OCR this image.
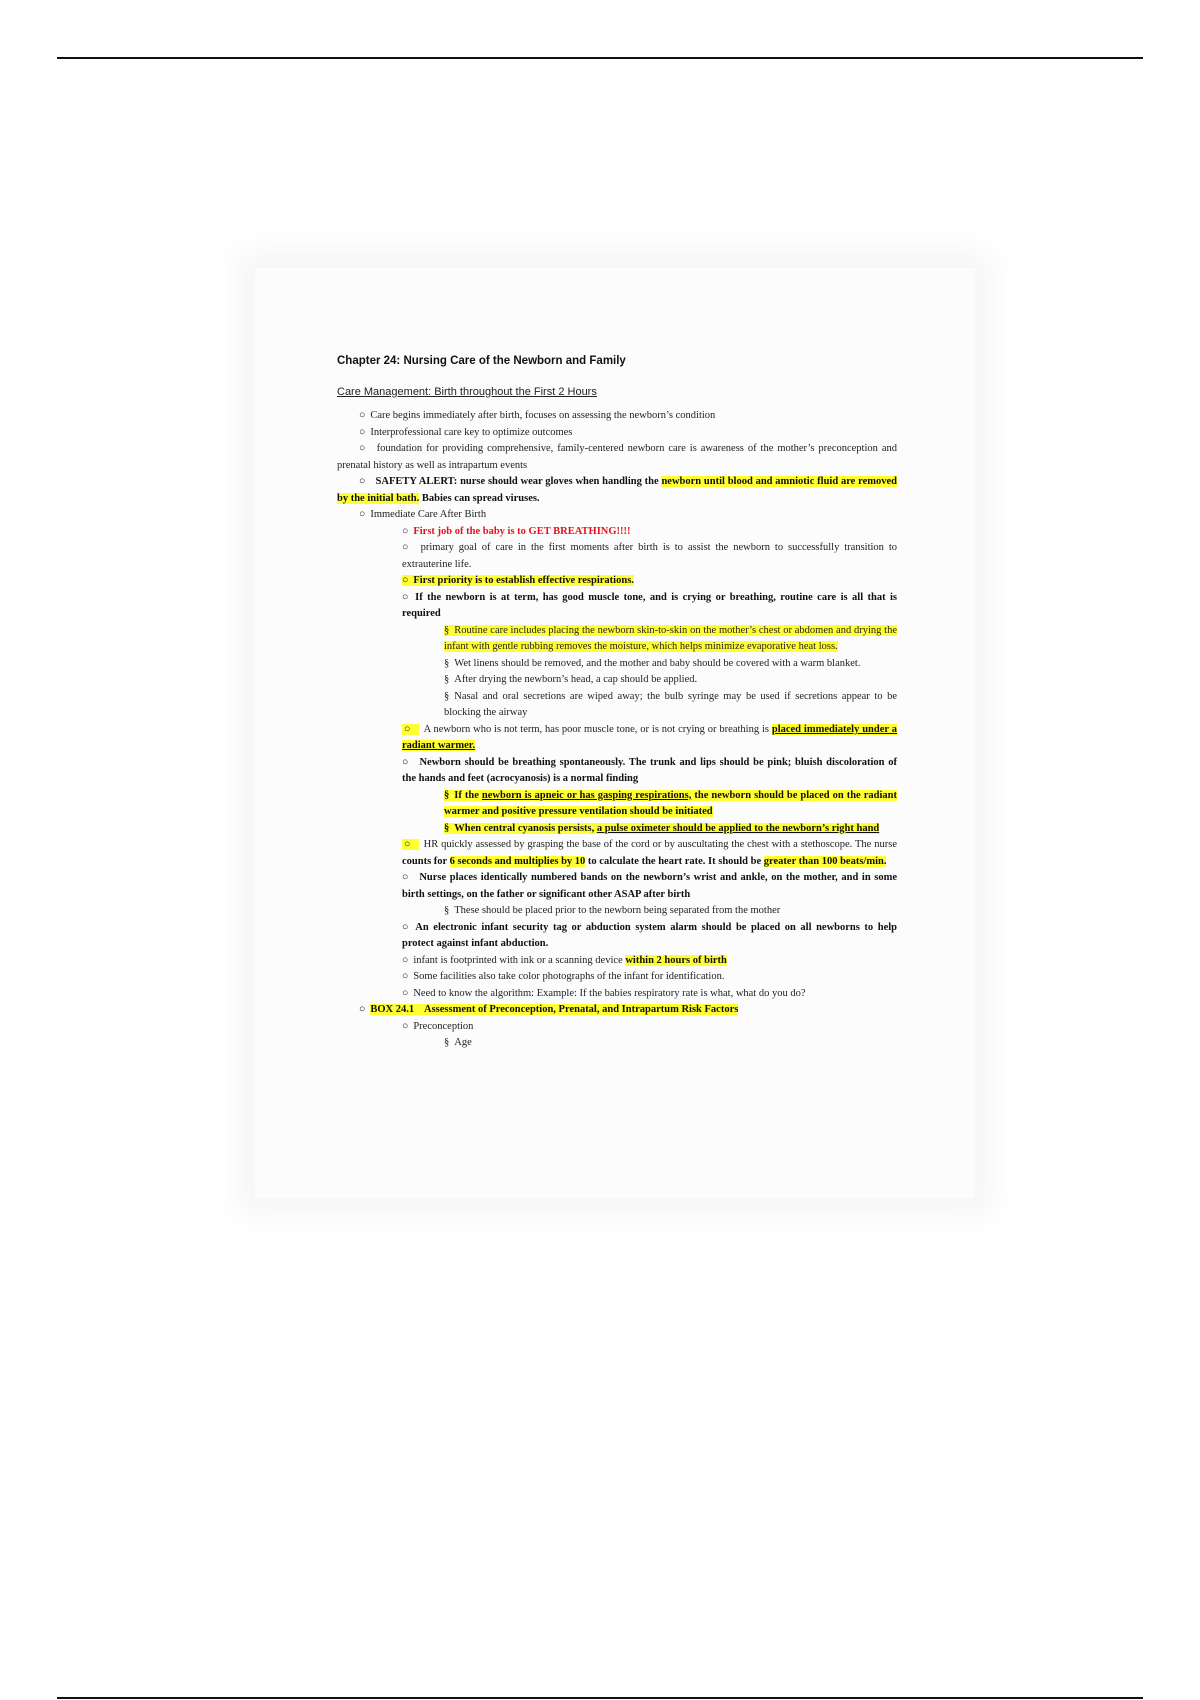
Chapter 24: Nursing Care of the Newborn and Family

Care Management: Birth throughout the First 2 Hours

○ Care begins immediately after birth, focuses on assessing the newborn’s condition

○ Interprofessional care key to optimize outcomes

○ foundation for providing comprehensive, family-centered newborn care is awareness of the mother’s preconception and prenatal history as well as intrapartum events

○ SAFETY ALERT: nurse should wear gloves when handling the newborn until blood and amniotic fluid are removed by the initial bath. Babies can spread viruses.

○ Immediate Care After Birth

○ First job of the baby is to GET BREATHING!!!!

○ primary goal of care in the first moments after birth is to assist the newborn to successfully transition to extrauterine life.

○ First priority is to establish effective respirations.

○ If the newborn is at term, has good muscle tone, and is crying or breathing, routine care is all that is required

§ Routine care includes placing the newborn skin-to-skin on the mother’s chest or abdomen and drying the infant with gentle rubbing removes the moisture, which helps minimize evaporative heat loss.

§ Wet linens should be removed, and the mother and baby should be covered with a warm blanket.

§ After drying the newborn’s head, a cap should be applied.

§ Nasal and oral secretions are wiped away; the bulb syringe may be used if secretions appear to be blocking the airway

○ A newborn who is not term, has poor muscle tone, or is not crying or breathing is placed immediately under a radiant warmer.

○ Newborn should be breathing spontaneously. The trunk and lips should be pink; bluish discoloration of the hands and feet (acrocyanosis) is a normal finding

§ If the newborn is apneic or has gasping respirations, the newborn should be placed on the radiant warmer and positive pressure ventilation should be initiated

§ When central cyanosis persists, a pulse oximeter should be applied to the newborn’s right hand

○ HR quickly assessed by grasping the base of the cord or by auscultating the chest with a stethoscope. The nurse counts for 6 seconds and multiplies by 10 to calculate the heart rate. It should be greater than 100 beats/min.

○ Nurse places identically numbered bands on the newborn’s wrist and ankle, on the mother, and in some birth settings, on the father or significant other ASAP after birth

§ These should be placed prior to the newborn being separated from the mother

○ An electronic infant security tag or abduction system alarm should be placed on all newborns to help protect against infant abduction.

○ infant is footprinted with ink or a scanning device within 2 hours of birth

○ Some facilities also take color photographs of the infant for identification.

○ Need to know the algorithm: Example: If the babies respiratory rate is what, what do you do?

○ BOX 24.1    Assessment of Preconception, Prenatal, and Intrapartum Risk Factors

○ Preconception

§ Age
